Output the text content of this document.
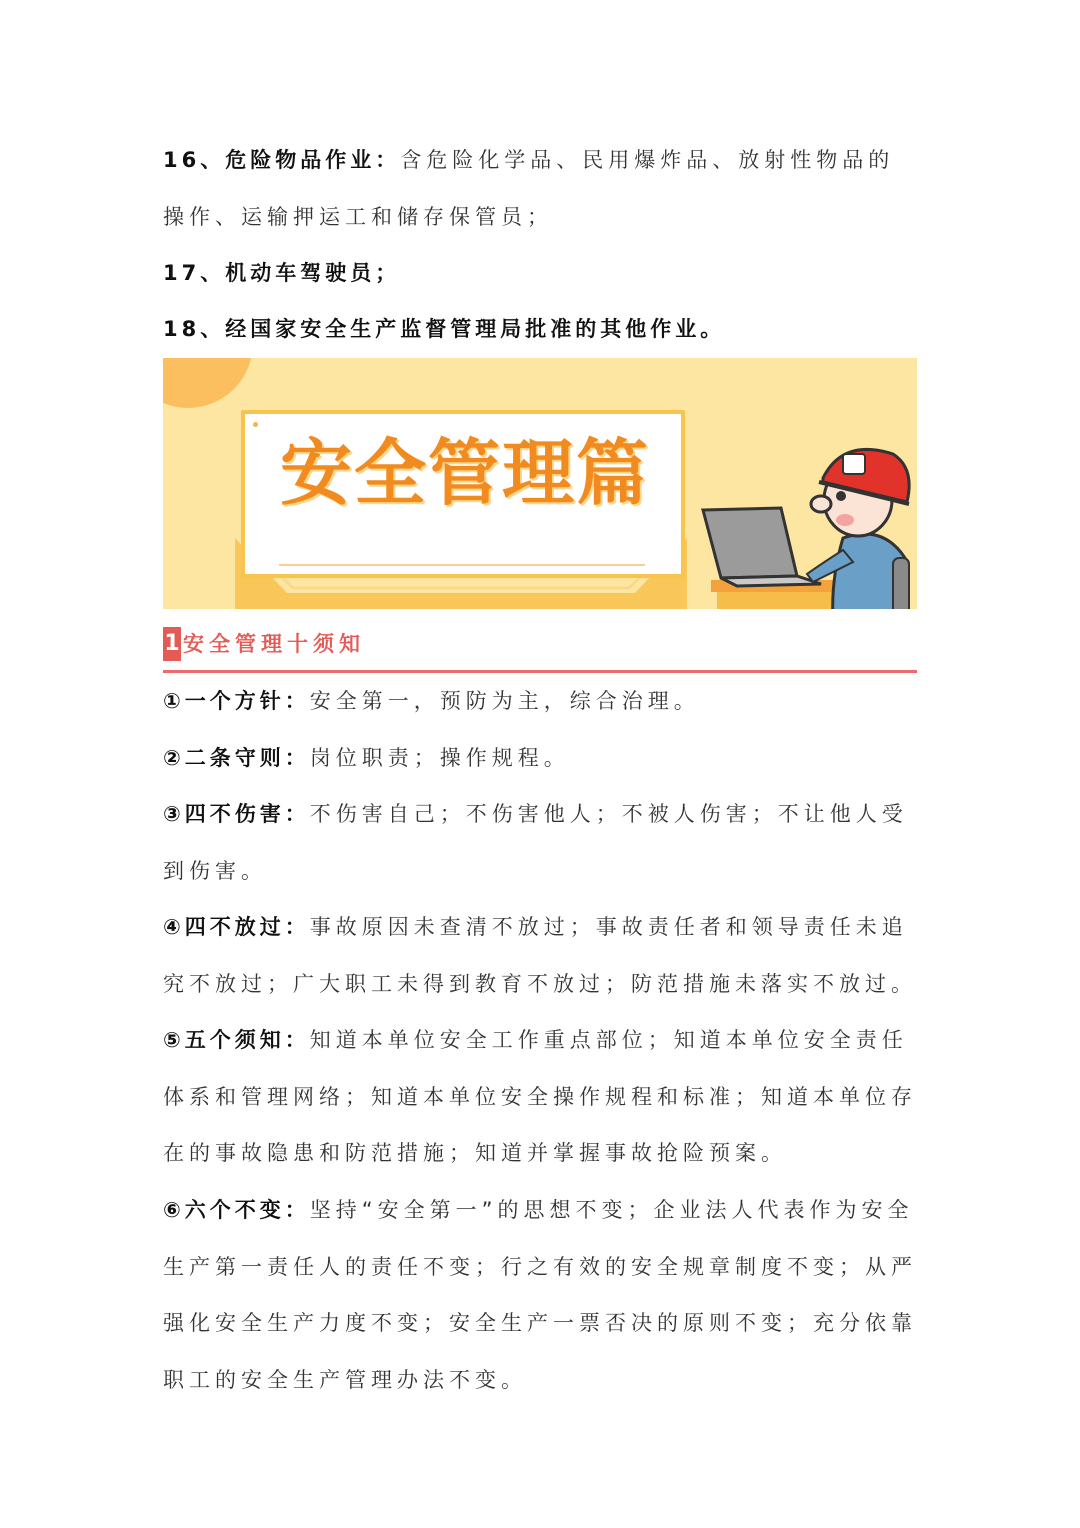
16、危险物品作业：含危险化学品、民用爆炸品、放射性物品的操作、运输押运工和储存保管员；
17、机动车驾驶员；
18、经国家安全生产监督管理局批准的其他作业。
安全管理篇
1 安全管理十须知
①一个方针：安全第一，预防为主，综合治理。
②二条守则：岗位职责；操作规程。
③四不伤害：不伤害自己；不伤害他人；不被人伤害；不让他人受到伤害。
④四不放过：事故原因未查清不放过；事故责任者和领导责任未追究不放过；广大职工未得到教育不放过；防范措施未落实不放过。
⑤五个须知：知道本单位安全工作重点部位；知道本单位安全责任体系和管理网络；知道本单位安全操作规程和标准；知道本单位存在的事故隐患和防范措施；知道并掌握事故抢险预案。
⑥六个不变：坚持“安全第一”的思想不变；企业法人代表作为安全生产第一责任人的责任不变；行之有效的安全规章制度不变；从严强化安全生产力度不变；安全生产一票否决的原则不变；充分依靠职工的安全生产管理办法不变。
